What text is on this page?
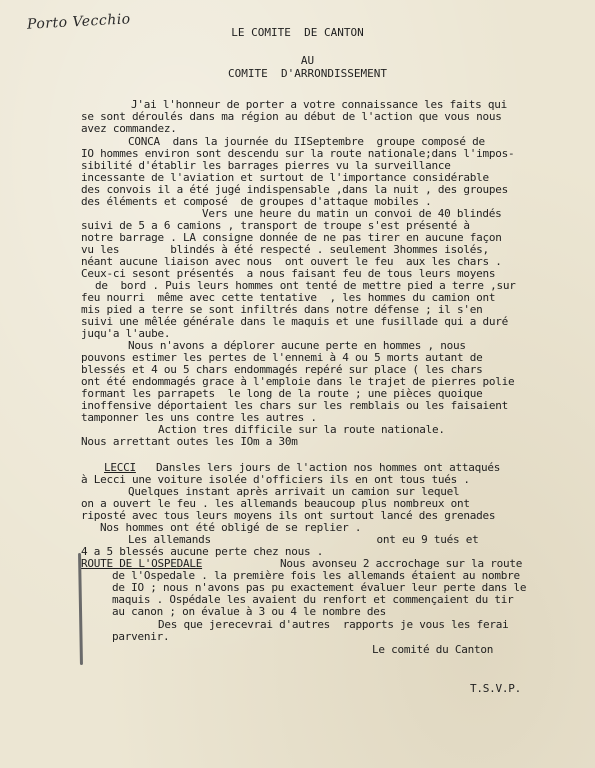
Porto Vecchio	LE COMITE  DE CANTON
AU
COMITE  D'ARRONDISSEMENT
J'ai l'honneur de porter a votre connaissance les faits qui
se sont déroulés dans ma région au début de l'action que vous nous
avez commandez.
CONCA  dans la journée du IISeptembre  groupe composé de
IO hommes environ sont descendu sur la route nationale;dans l'impos-
sibilité d'établir les barrages pierres vu la surveillance
incessante de l'aviation et surtout de l'importance considérable
des convois il a été jugé indispensable ,dans la nuit , des groupes
des éléments et composé  de groupes d'attaque mobiles .
Vers une heure du matin un convoi de 40 blindés
suivi de 5 a 6 camions , transport de troupe s'est présenté à
notre barrage . LA consigne donnée de ne pas tirer en aucune façon
vu les        blindés à été respecté . seulement 3hommes isolés,
néant aucune liaison avec nous  ont ouvert le feu  aux les chars .
Ceux-ci sesont présentés  a nous faisant feu de tous leurs moyens
de  bord . Puis leurs hommes ont tenté de mettre pied a terre ,sur
feu nourri  même avec cette tentative  , les hommes du camion ont
mis pied a terre se sont infiltrés dans notre défense ; il s'en
suivi une mêlée générale dans le maquis et une fusillade qui a duré
juqu'a l'aube.
Nous n'avons a déplorer aucune perte en hommes , nous
pouvons estimer les pertes de l'ennemi à 4 ou 5 morts autant de
blessés et 4 ou 5 chars endommagés repéré sur place ( les chars
ont été endommagés grace à l'emploie dans le trajet de pierres polie
formant les parrapets  le long de la route ; une pièces quoique
inoffensive déportaient les chars sur les remblais ou les faisaient
tamponner les uns contre les autres .
Action tres difficile sur la route nationale.
Nous arrettant outes les IOm a 30m
LECCI Dansles lers jours de l'action nos hommes ont attaqués
à Lecci une voiture isolée d'officiers ils en ont tous tués .
Quelques instant après arrivait un camion sur lequel
on a ouvert le feu . les allemands beaucoup plus nombreux ont
riposté avec tous leurs moyens ils ont surtout lancé des grenades
Nos hommes ont été obligé de se replier .
Les allemands                          ont eu 9 tués et
4 a 5 blessés aucune perte chez nous .
ROUTE DE L'OSPEDALE	Nous avonseu 2 accrochage sur la route
de l'Ospedale . la première fois les allemands étaient au nombre
de IO ; nous n'avons pas pu exactement évaluer leur perte dans le
maquis . Ospédale les avaient du renfort et commençaient du tir
au canon ; on évalue à 3 ou 4 le nombre des
Des que jerecevrai d'autres  rapports je vous les ferai
parvenir.
Le comité du Canton
T.S.V.P.
